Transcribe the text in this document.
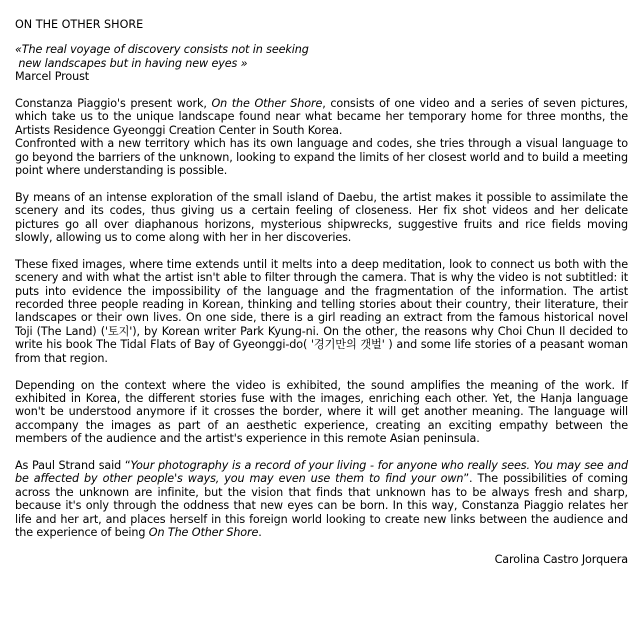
ON THE OTHER SHORE

«The real voyage of discovery consists not in seeking
new landscapes but in having new eyes »

Marcel Proust

Constanza Piaggio's present work, On the Other Shore, consists of one video and a series of seven pictures, which take us to the unique landscape found near what became her temporary home for three months, the Artists Residence Gyeonggi Creation Center in South Korea.

Confronted with a new territory which has its own language and codes, she tries through a visual language to go beyond the barriers of the unknown, looking to expand the limits of her closest world and to build a meeting point where understanding is possible.

By means of an intense exploration of the small island of Daebu, the artist makes it possible to assimilate the scenery and its codes, thus giving us a certain feeling of closeness. Her fix shot videos and her delicate pictures go all over diaphanous horizons, mysterious shipwrecks, suggestive fruits and rice fields moving slowly, allowing us to come along with her in her discoveries.

These fixed images, where time extends until it melts into a deep meditation, look to connect us both with the scenery and with what the artist isn't able to filter through the camera. That is why the video is not subtitled: it puts into evidence the impossibility of the language and the fragmentation of the information. The artist recorded three people reading in Korean, thinking and telling stories about their country, their literature, their landscapes or their own lives. On one side, there is a girl reading an extract from the famous historical novel Toji (The Land) ('토지'), by Korean writer Park Kyung-ni. On the other, the reasons why Choi Chun Il decided to write his book The Tidal Flats of Bay of Gyeonggi-do( '경기만의 갯벌' ) and some life stories of a peasant woman from that region.

Depending on the context where the video is exhibited, the sound amplifies the meaning of the work. If exhibited in Korea, the different stories fuse with the images, enriching each other. Yet, the Hanja language won't be understood anymore if it crosses the border, where it will get another meaning. The language will accompany the images as part of an aesthetic experience, creating an exciting empathy between the members of the audience and the artist's experience in this remote Asian peninsula.

As Paul Strand said “Your photography is a record of your living - for anyone who really sees. You may see and be affected by other people's ways, you may even use them to find your own”. The possibilities of coming across the unknown are infinite, but the vision that finds that unknown has to be always fresh and sharp, because it's only through the oddness that new eyes can be born. In this way, Constanza Piaggio relates her life and her art, and places herself in this foreign world looking to create new links between the audience and the experience of being On The Other Shore.

Carolina Castro Jorquera
